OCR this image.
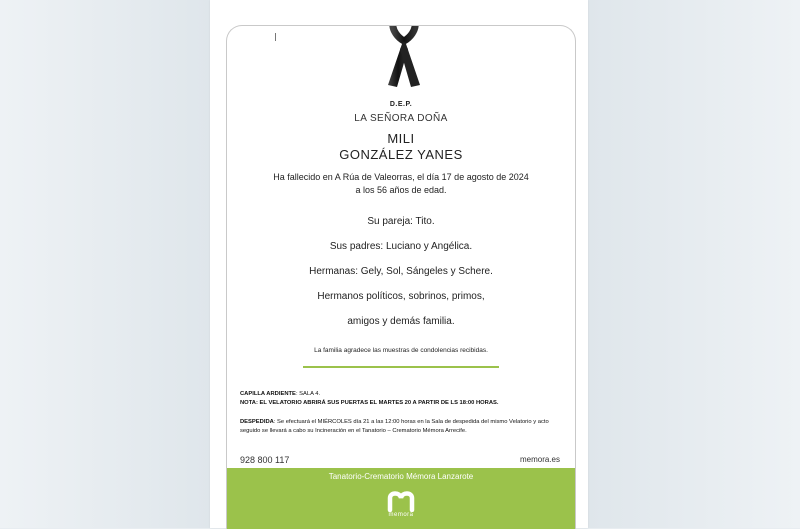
D.E.P.
LA SEÑORA DOÑA
MILI
GONZÁLEZ YANES
Ha fallecido en A Rúa de Valeorras, el día 17 de agosto de 2024
a los 56 años de edad.
Su pareja: Tito.
Sus padres: Luciano y Angélica.
Hermanas: Gely, Sol, Sángeles y Schere.
Hermanos políticos, sobrinos, primos,
amigos y demás familia.
La familia agradece las muestras de condolencias recibidas.
CAPILLA ARDIENTE: SALA 4.
NOTA: EL VELATORIO ABRIRÁ SUS PUERTAS EL MARTES 20 A PARTIR DE LS 18:00 HORAS.
DESPEDIDA: Se efectuará el MIÉRCOLES día 21 a las 12:00 horas en la Sala de despedida del mismo Velatorio y acto seguido se llevará a cabo su Incineración en el Tanatorio – Crematorio Mémora Arrecife.
928 800 117	memora.es
Tanatorio-Crematorio Mémora Lanzarote
memora
